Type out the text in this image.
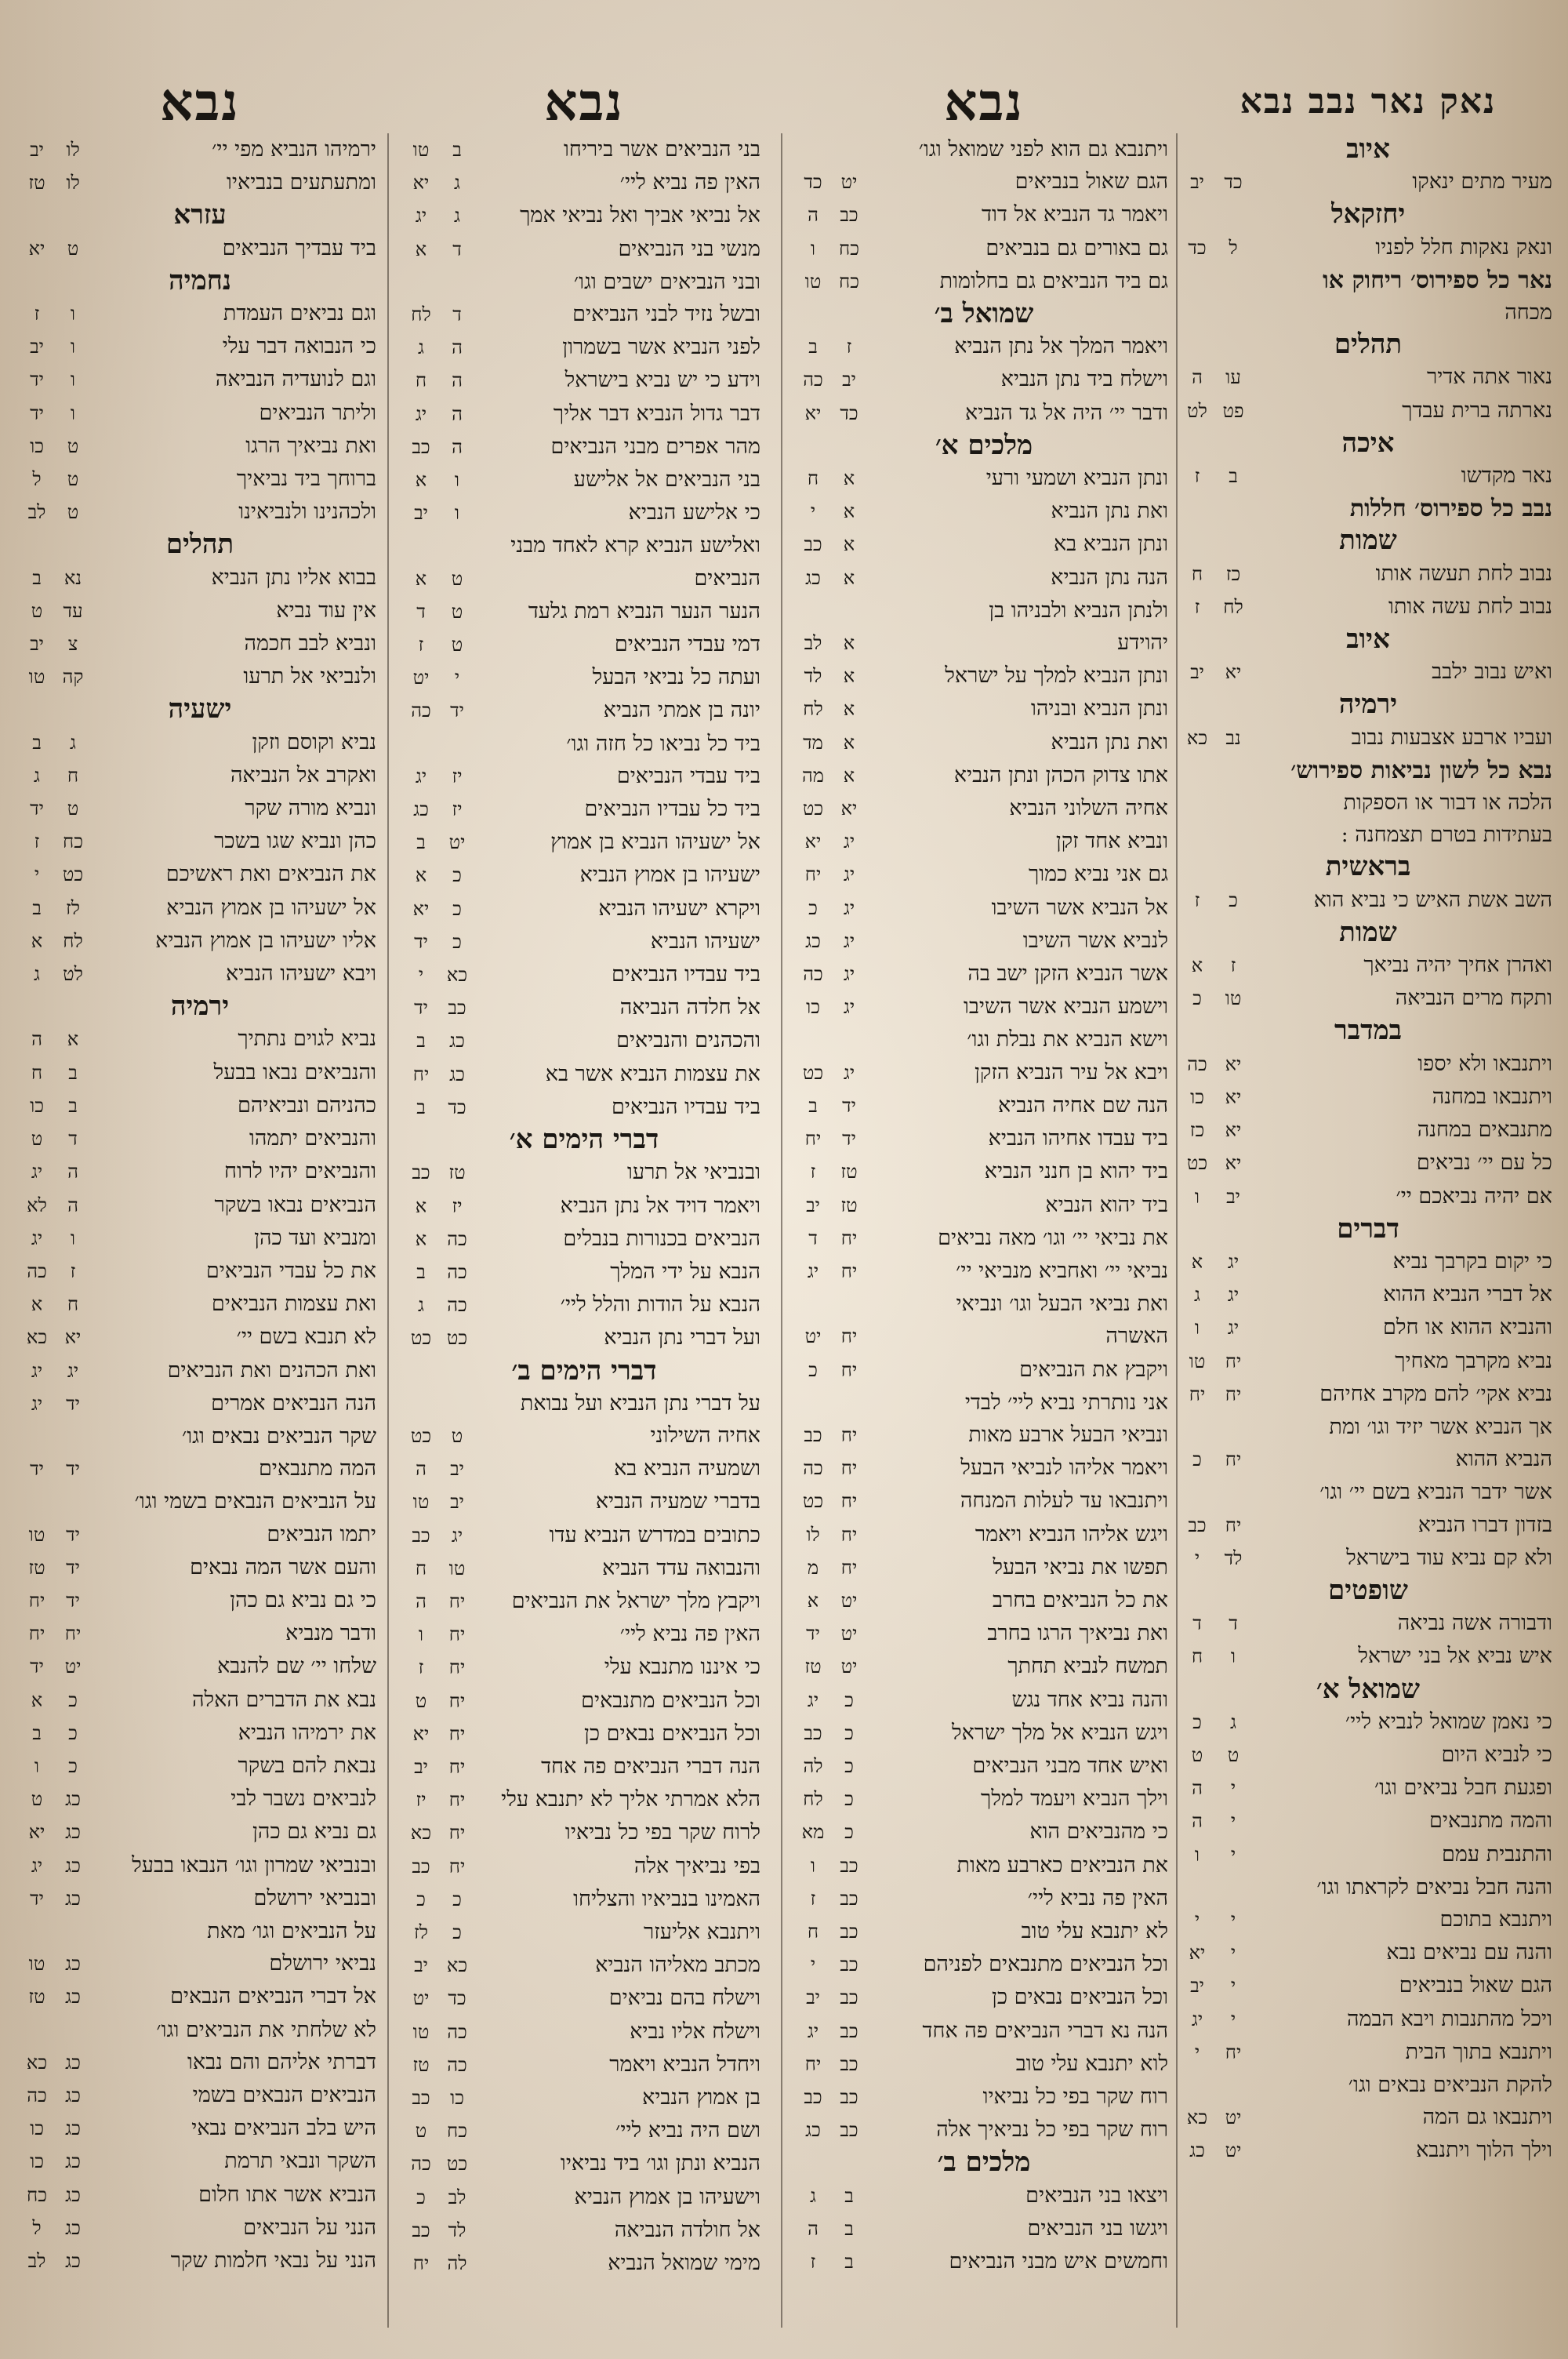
נאק נאר נבב נבא
איוב
מעיר מתים ינאקו
כד
יב
יחזקאל
ונאק נאקות חלל לפניו
ל
כד
נאר כל ספירוס׳ ריחוק או
מכחה
תהלים
נאור אתה אדיר
עו
ה
נארתה ברית עבדך
פט
לט
איכה
נאר מקדשו
ב
ז
נבב כל ספירוס׳ חללות
שמות
נבוב לחת תעשה אותו
כז
ח
נבוב לחת עשה אותו
לח
ז
איוב
ואיש נבוב ילבב
יא
יב
ירמיה
ועביו ארבע אצבעות נבוב
נב
כא
נבא כל לשון נביאות ספירוש׳
הלכה או דבור או הספקות
בעתידות בטרם תצמחנה :
בראשית
השב אשת האיש כי נביא הוא
כ
ז
שמות
ואהרן אחיך יהיה נביאך
ז
א
ותקח מרים הנביאה
טו
כ
במדבר
ויתנבאו ולא יספו
יא
כה
ויתנבאו במחנה
יא
כו
מתנבאים במחנה
יא
כז
כל עם יי׳ נביאים
יא
כט
אם יהיה נביאכם יי׳
יב
ו
דברים
כי יקום בקרבך נביא
יג
א
אל דברי הנביא ההוא
יג
ג
והנביא ההוא או חלם
יג
ו
נביא מקרבך מאחיך
יח
טו
נביא אקי׳ להם מקרב אחיהם
יח
יח
אך הנביא אשר יזיד וגו׳ ומת
הנביא ההוא
יח
כ
אשר ידבר הנביא בשם יי׳ וגו׳
בזדון דברו הנביא
יח
כב
ולא קם נביא עוד בישראל
לד
י
שופטים
ודבורה אשה נביאה
ד
ד
איש נביא אל בני ישראל
ו
ח
שמואל א׳
כי נאמן שמואל לנביא ליי׳
ג
כ
כי לנביא היום
ט
ט
ופגעת חבל נביאים וגו׳
י
ה
והמה מתנבאים
י
ה
והתנבית עמם
י
ו
והנה חבל נביאים לקראתו וגו׳
ויתנבא בתוכם
י
י
והנה עם נביאים נבא
י
יא
הגם שאול בנביאים
י
יב
ויכל מהתנבות ויבא הבמה
י
יג
ויתנבא בתוך הבית
יח
י
להקת הנביאים נבאים וגו׳
ויתנבאו גם המה
יט
כא
וילך הלוך ויתנבא
יט
כג
נבא
ויתנבא גם הוא לפני שמואל וגו׳
הגם שאול בנביאים
יט
כד
ויאמר גד הנביא אל דוד
כב
ה
גם באורים גם בנביאים
כח
ו
גם ביד הנביאים גם בחלומות
כח
טו
שמואל ב׳
ויאמר המלך אל נתן הנביא
ז
ב
וישלח ביד נתן הנביא
יב
כה
ודבר יי׳ היה אל גד הנביא
כד
יא
מלכים א׳
ונתן הנביא ושמעי ורעי
א
ח
ואת נתן הנביא
א
י
ונתן הנביא בא
א
כב
הנה נתן הנביא
א
כג
ולנתן הנביא ולבניהו בן
יהוידע
א
לב
ונתן הנביא למלך על ישראל
א
לד
ונתן הנביא ובניהו
א
לח
ואת נתן הנביא
א
מד
אתו צדוק הכהן ונתן הנביא
א
מה
אחיה השלוני הנביא
יא
כט
ונביא אחד זקן
יג
יא
גם אני נביא כמוך
יג
יח
אל הנביא אשר השיבו
יג
כ
לנביא אשר השיבו
יג
כג
אשר הנביא הזקן ישב בה
יג
כה
וישמע הנביא אשר השיבו
יג
כו
וישא הנביא את נבלת וגו׳
ויבא אל עיר הנביא הזקן
יג
כט
הנה שם אחיה הנביא
יד
ב
ביד עבדו אחיהו הנביא
יד
יח
ביד יהוא בן חנני הנביא
טז
ז
ביד יהוא הנביא
טז
יב
את נביאי יי׳ וגו׳ מאה נביאים
יח
ד
נביאי יי׳ ואחביא מנביאי יי׳
יח
יג
ואת נביאי הבעל וגו׳ ונביאי
האשרה
יח
יט
ויקבץ את הנביאים
יח
כ
אני נותרתי נביא ליי׳ לבדי
ונביאי הבעל ארבע מאות
יח
כב
ויאמר אליהו לנביאי הבעל
יח
כה
ויתנבאו עד לעלות המנחה
יח
כט
ויגש אליהו הנביא ויאמר
יח
לו
תפשו את נביאי הבעל
יח
מ
את כל הנביאים בחרב
יט
א
ואת נביאיך הרגו בחרב
יט
יד
תמשח לנביא תחתך
יט
טז
והנה נביא אחד נגש
כ
יג
ויגש הנביא אל מלך ישראל
כ
כב
ואיש אחד מבני הנביאים
כ
לה
וילך הנביא ויעמד למלך
כ
לח
כי מהנביאים הוא
כ
מא
את הנביאים כארבע מאות
כב
ו
האין פה נביא ליי׳
כב
ז
לא יתנבא עלי טוב
כב
ח
וכל הנביאים מתנבאים לפניהם
כב
י
וכל הנביאים נבאים כן
כב
יב
הנה נא דברי הנביאים פה אחד
כב
יג
לוא יתנבא עלי טוב
כב
יח
רוח שקר בפי כל נביאיו
כב
כב
רוח שקר בפי כל נביאיך אלה
כב
כג
מלכים ב׳
ויצאו בני הנביאים
ב
ג
ויגשו בני הנביאים
ב
ה
וחמשים איש מבני הנביאים
ב
ז
נבא
בני הנביאים אשר ביריחו
ב
טו
האין פה נביא ליי׳
ג
יא
אל נביאי אביך ואל נביאי אמך
ג
יג
מנשי בני הנביאים
ד
א
ובני הנביאים ישבים וגו׳
ובשל נזיד לבני הנביאים
ד
לח
לפני הנביא אשר בשמרון
ה
ג
וידע כי יש נביא בישראל
ה
ח
דבר גדול הנביא דבר אליך
ה
יג
מהר אפרים מבני הנביאים
ה
כב
בני הנביאים אל אלישע
ו
א
כי אלישע הנביא
ו
יב
ואלישע הנביא קרא לאחד מבני
הנביאים
ט
א
הנער הנער הנביא רמת גלעד
ט
ד
דמי עבדי הנביאים
ט
ז
ועתה כל נביאי הבעל
י
יט
יונה בן אמתי הנביא
יד
כה
ביד כל נביאו כל חזה וגו׳
ביד עבדי הנביאים
יז
יג
ביד כל עבדיו הנביאים
יז
כג
אל ישעיהו הנביא בן אמוץ
יט
ב
ישעיהו בן אמוץ הנביא
כ
א
ויקרא ישעיהו הנביא
כ
יא
ישעיהו הנביא
כ
יד
ביד עבדיו הנביאים
כא
י
אל חלדה הנביאה
כב
יד
והכהנים והנביאים
כג
ב
את עצמות הנביא אשר בא
כג
יח
ביד עבדיו הנביאים
כד
ב
דברי הימים א׳
ובנביאי אל תרעו
טז
כב
ויאמר דויד אל נתן הנביא
יז
א
הנביאים בכנורות בנבלים
כה
א
הנבא על ידי המלך
כה
ב
הנבא על הודות והלל ליי׳
כה
ג
ועל דברי נתן הנביא
כט
כט
דברי הימים ב׳
על דברי נתן הנביא ועל נבואת
אחיה השילוני
ט
כט
ושמעיה הנביא בא
יב
ה
בדברי שמעיה הנביא
יב
טו
כתובים במדרש הנביא עדו
יג
כב
והנבואה עדד הנביא
טו
ח
ויקבץ מלך ישראל את הנביאים
יח
ה
האין פה נביא ליי׳
יח
ו
כי איננו מתנבא עלי
יח
ז
וכל הנביאים מתנבאים
יח
ט
וכל הנביאים נבאים כן
יח
יא
הנה דברי הנביאים פה אחד
יח
יב
הלא אמרתי אליך לא יתנבא עלי
יח
יז
לרוח שקר בפי כל נביאיו
יח
כא
בפי נביאיך אלה
יח
כב
האמינו בנביאיו והצליחו
כ
כ
ויתנבא אליעזר
כ
לז
מכתב מאליהו הנביא
כא
יב
וישלח בהם נביאים
כד
יט
וישלח אליו נביא
כה
טו
ויחדל הנביא ויאמר
כה
טז
בן אמוץ הנביא
כו
כב
ושם היה נביא ליי׳
כח
ט
הנביא ונתן וגו׳ ביד נביאיו
כט
כה
וישעיהו בן אמוץ הנביא
לב
כ
אל חולדה הנביאה
לד
כב
מימי שמואל הנביא
לה
יח
נבא
ירמיהו הנביא מפי יי׳
לו
יב
ומתעתעים בנביאיו
לו
טז
עזרא
ביד עבדיך הנביאים
ט
יא
נחמיה
וגם נביאים העמדת
ו
ז
כי הנבואה דבר עלי
ו
יב
וגם לנועדיה הנביאה
ו
יד
וליתר הנביאים
ו
יד
ואת נביאיך הרגו
ט
כו
ברוחך ביד נביאיך
ט
ל
ולכהנינו ולנביאינו
ט
לב
תהלים
בבוא אליו נתן הנביא
נא
ב
אין עוד נביא
עד
ט
ונביא לבב חכמה
צ
יב
ולנביאי אל תרעו
קה
טו
ישעיה
נביא וקוסם וזקן
ג
ב
ואקרב אל הנביאה
ח
ג
ונביא מורה שקר
ט
יד
כהן ונביא שגו בשכר
כח
ז
את הנביאים ואת ראשיכם
כט
י
אל ישעיהו בן אמוץ הנביא
לז
ב
אליו ישעיהו בן אמוץ הנביא
לח
א
ויבא ישעיהו הנביא
לט
ג
ירמיה
נביא לגוים נתתיך
א
ה
והנביאים נבאו בבעל
ב
ח
כהניהם ונביאיהם
ב
כו
והנביאים יתמהו
ד
ט
והנביאים יהיו לרוח
ה
יג
הנביאים נבאו בשקר
ה
לא
ומנביא ועד כהן
ו
יג
את כל עבדי הנביאים
ז
כה
ואת עצמות הנביאים
ח
א
לא תנבא בשם יי׳
יא
כא
ואת הכהנים ואת הנביאים
יג
יג
הנה הנביאים אמרים
יד
יג
שקר הנביאים נבאים וגו׳
המה מתנבאים
יד
יד
על הנביאים הנבאים בשמי וגו׳
יתמו הנביאים
יד
טו
והעם אשר המה נבאים
יד
טז
כי גם נביא גם כהן
יד
יח
ודבר מנביא
יח
יח
שלחו יי׳ שם להנבא
יט
יד
נבא את הדברים האלה
כ
א
את ירמיהו הנביא
כ
ב
נבאת להם בשקר
כ
ו
לנביאים נשבר לבי
כג
ט
גם נביא גם כהן
כג
יא
ובנביאי שמרון וגו׳ הנבאו בבעל
כג
יג
ובנביאי ירושלם
כג
יד
על הנביאים וגו׳ מאת
נביאי ירושלם
כג
טו
אל דברי הנביאים הנבאים
כג
טז
לא שלחתי את הנביאים וגו׳
דברתי אליהם והם נבאו
כג
כא
הנביאים הנבאים בשמי
כג
כה
היש בלב הנביאים נבאי
כג
כו
השקר ונבאי תרמת
כג
כו
הנביא אשר אתו חלום
כג
כח
הנני על הנביאים
כג
ל
הנני על נבאי חלמות שקר
כג
לב
